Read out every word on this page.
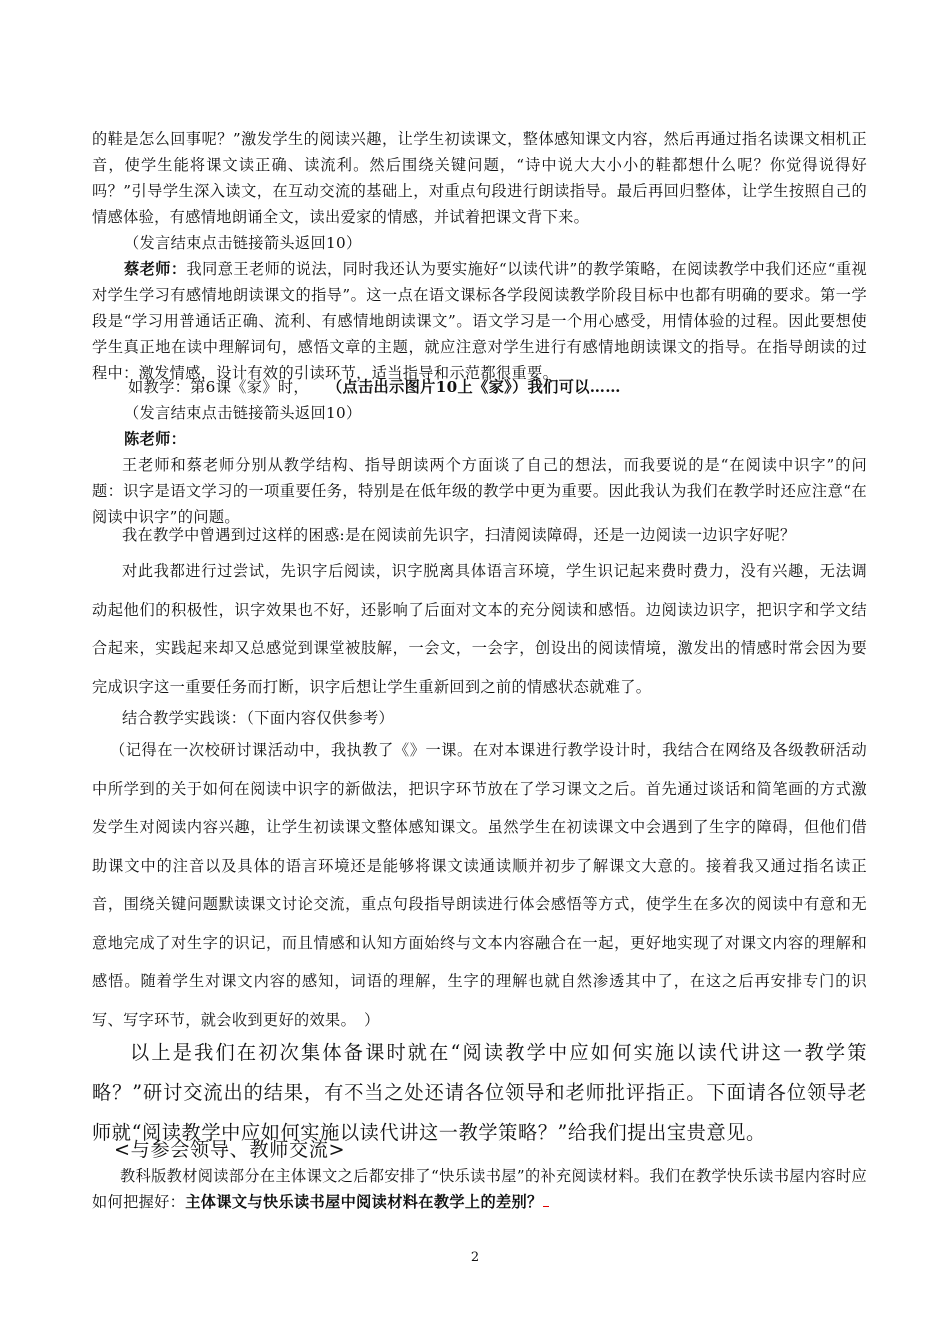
的鞋是怎么回事呢？”激发学生的阅读兴趣，让学生初读课文，整体感知课文内容，然后再通过指名读课文相机正音，使学生能将课文读正确、读流利。然后围绕关键问题，“诗中说大大小小的鞋都想什么呢？你觉得说得好吗？”引导学生深入读文，在互动交流的基础上，对重点句段进行朗读指导。最后再回归整体，让学生按照自己的情感体验，有感情地朗诵全文，读出爱家的情感，并试着把课文背下来。

（发言结束点击链接箭头返回10）

蔡老师：我同意王老师的说法，同时我还认为要实施好“以读代讲”的教学策略，在阅读教学中我们还应“重视对学生学习有感情地朗读课文的指导”。这一点在语文课标各学段阅读教学阶段目标中也都有明确的要求。第一学段是“学习用普通话正确、流利、有感情地朗读课文”。语文学习是一个用心感受，用情体验的过程。因此要想使学生真正地在读中理解词句，感悟文章的主题，就应注意对学生进行有感情地朗读课文的指导。在指导朗读的过程中：激发情感，设计有效的引读环节，适当指导和示范都很重要。

如教学：第6课《家》时， （点击出示图片10上《家》）我们可以……

（发言结束点击链接箭头返回10）

陈老师：

王老师和蔡老师分别从教学结构、指导朗读两个方面谈了自己的想法，而我要说的是“在阅读中识字”的问题：识字是语文学习的一项重要任务，特别是在低年级的教学中更为重要。因此我认为我们在教学时还应注意“在阅读中识字”的问题。

我在教学中曾遇到过这样的困惑:是在阅读前先识字，扫清阅读障碍，还是一边阅读一边识字好呢？

对此我都进行过尝试，先识字后阅读，识字脱离具体语言环境，学生识记起来费时费力，没有兴趣，无法调动起他们的积极性，识字效果也不好，还影响了后面对文本的充分阅读和感悟。边阅读边识字，把识字和学文结合起来，实践起来却又总感觉到课堂被肢解，一会文，一会字，创设出的阅读情境，激发出的情感时常会因为要完成识字这一重要任务而打断，识字后想让学生重新回到之前的情感状态就难了。

结合教学实践谈：（下面内容仅供参考）

（记得在一次校研讨课活动中，我执教了《》一课。在对本课进行教学设计时，我结合在网络及各级教研活动中所学到的关于如何在阅读中识字的新做法，把识字环节放在了学习课文之后。首先通过谈话和简笔画的方式激发学生对阅读内容兴趣，让学生初读课文整体感知课文。虽然学生在初读课文中会遇到了生字的障碍，但他们借助课文中的注音以及具体的语言环境还是能够将课文读通读顺并初步了解课文大意的。接着我又通过指名读正音，围绕关键问题默读课文讨论交流，重点句段指导朗读进行体会感悟等方式，使学生在多次的阅读中有意和无意地完成了对生字的识记，而且情感和认知方面始终与文本内容融合在一起，更好地实现了对课文内容的理解和感悟。随着学生对课文内容的感知，词语的理解，生字的理解也就自然渗透其中了，在这之后再安排专门的识写、写字环节，就会收到更好的效果。　）

以上是我们在初次集体备课时就在“阅读教学中应如何实施以读代讲这一教学策略？”研讨交流出的结果，有不当之处还请各位领导和老师批评指正。下面请各位领导老师就“阅读教学中应如何实施以读代讲这一教学策略？”给我们提出宝贵意见。

<与参会领导、教师交流>

教科版教材阅读部分在主体课文之后都安排了“快乐读书屋”的补充阅读材料。我们在教学快乐读书屋内容时应如何把握好：主体课文与快乐读书屋中阅读材料在教学上的差别？

2
